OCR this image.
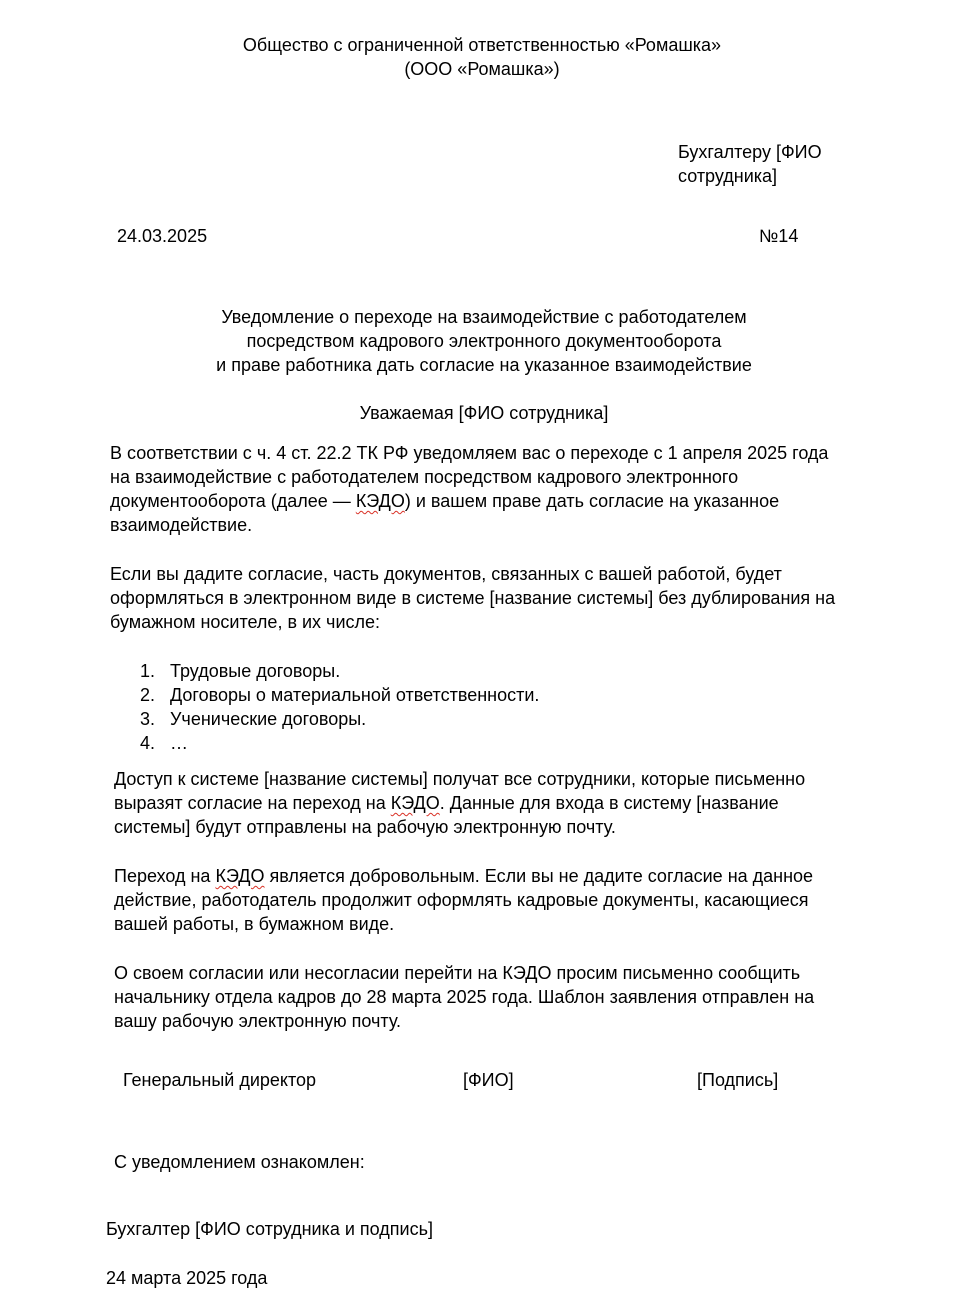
Общество с ограниченной ответственностью «Ромашка»
(ООО «Ромашка»)
Бухгалтеру [ФИО
сотрудника]
24.03.2025	№14
Уведомление о переходе на взаимодействие с работодателем
посредством кадрового электронного документооборота
и праве работника дать согласие на указанное взаимодействие
Уважаемая [ФИО сотрудника]
В соответствии с ч. 4 ст. 22.2 ТК РФ уведомляем вас о переходе с 1 апреля 2025 года
на взаимодействие с работодателем посредством кадрового электронного
документооборота (далее — КЭДО) и вашем праве дать согласие на указанное
взаимодействие.
Если вы дадите согласие, часть документов, связанных с вашей работой, будет
оформляться в электронном виде в системе [название системы] без дублирования на
бумажном носителе, в их числе:
1. Трудовые договоры.
2. Договоры о материальной ответственности.
3. Ученические договоры.
4. …
Доступ к системе [название системы] получат все сотрудники, которые письменно
выразят согласие на переход на КЭДО. Данные для входа в систему [название
системы] будут отправлены на рабочую электронную почту.
Переход на КЭДО является добровольным. Если вы не дадите согласие на данное
действие, работодатель продолжит оформлять кадровые документы, касающиеся
вашей работы, в бумажном виде.
О своем согласии или несогласии перейти на КЭДО просим письменно сообщить
начальнику отдела кадров до 28 марта 2025 года. Шаблон заявления отправлен на
вашу рабочую электронную почту.
Генеральный директор	[ФИО]	[Подпись]
С уведомлением ознакомлен:
Бухгалтер [ФИО сотрудника и подпись]
24 марта 2025 года
